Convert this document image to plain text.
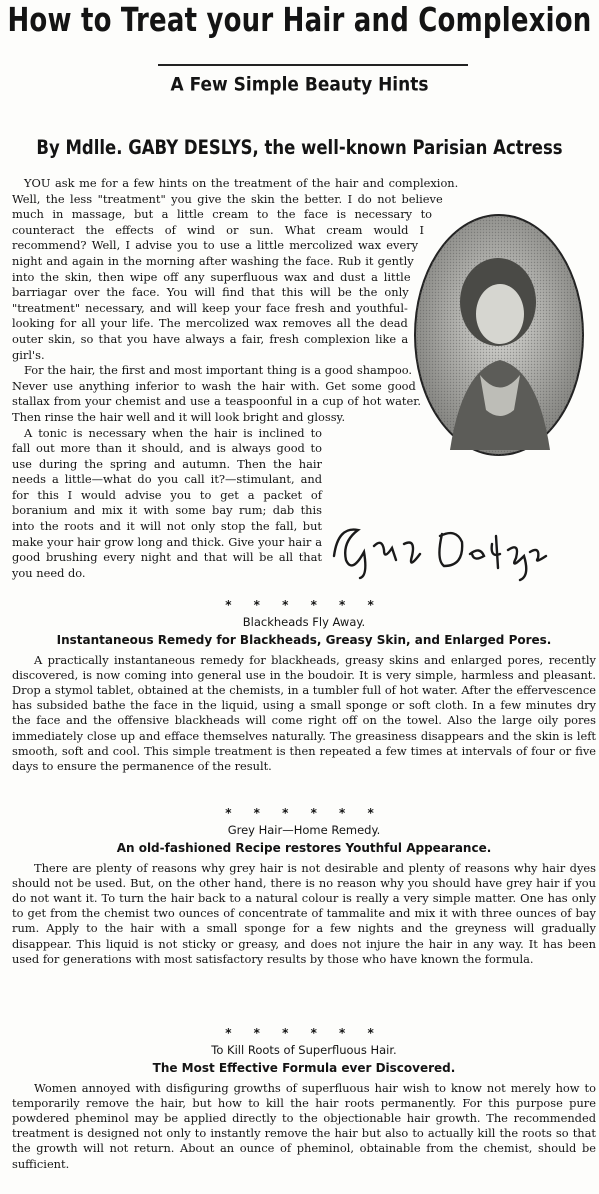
How to Treat your Hair and Complexion
A Few Simple Beauty Hints
By Mdlle. GABY DESLYS, the well-known Parisian Actress

YOU ask me for a few hints on the treatment of the hair and complexion. Well, the less "treatment" you give the skin the better. I do not believe much in massage, but a little cream to the face is necessary to counteract the effects of wind or sun. What cream would I recommend? Well, I advise you to use a little mercolized wax every night and again in the morning after washing the face. Rub it gently into the skin, then wipe off any superfluous wax and dust a little barriagar over the face. You will find that this will be the only "treatment" necessary, and will keep your face fresh and youthful-looking for all your life. The mercolized wax removes all the dead outer skin, so that you have always a fair, fresh complexion like a girl's.

For the hair, the first and most important thing is a good shampoo. Never use anything inferior to wash the hair with. Get some good stallax from your chemist and use a teaspoonful in a cup of hot water. Then rinse the hair well and it will look bright and glossy.

A tonic is necessary when the hair is inclined to fall out more than it should, and is always good to use during the spring and autumn. Then the hair needs a little—what do you call it?—stimulant, and for this I would advise you to get a packet of boranium and mix it with some bay rum; dab this into the roots and it will not only stop the fall, but make your hair grow long and thick. Give your hair a good brushing every night and that will be all that you need do.

* * * * * *
Blackheads Fly Away.
Instantaneous Remedy for Blackheads, Greasy Skin, and Enlarged Pores.

A practically instantaneous remedy for blackheads, greasy skins and enlarged pores, recently discovered, is now coming into general use in the boudoir. It is very simple, harmless and pleasant. Drop a stymol tablet, obtained at the chemists, in a tumbler full of hot water. After the effervescence has subsided bathe the face in the liquid, using a small sponge or soft cloth. In a few minutes dry the face and the offensive blackheads will come right off on the towel. Also the large oily pores immediately close up and efface themselves naturally. The greasiness disappears and the skin is left smooth, soft and cool. This simple treatment is then repeated a few times at intervals of four or five days to ensure the permanence of the result.

* * * * * *
Grey Hair—Home Remedy.
An old-fashioned Recipe restores Youthful Appearance.

There are plenty of reasons why grey hair is not desirable and plenty of reasons why hair dyes should not be used. But, on the other hand, there is no reason why you should have grey hair if you do not want it. To turn the hair back to a natural colour is really a very simple matter. One has only to get from the chemist two ounces of concentrate of tammalite and mix it with three ounces of bay rum. Apply to the hair with a small sponge for a few nights and the greyness will gradually disappear. This liquid is not sticky or greasy, and does not injure the hair in any way. It has been used for generations with most satisfactory results by those who have known the formula.

* * * * * *
To Kill Roots of Superfluous Hair.
The Most Effective Formula ever Discovered.

Women annoyed with disfiguring growths of superfluous hair wish to know not merely how to temporarily remove the hair, but how to kill the hair roots permanently. For this purpose pure powdered pheminol may be applied directly to the objectionable hair growth. The recommended treatment is designed not only to instantly remove the hair but also to actually kill the roots so that the growth will not return. About an ounce of pheminol, obtainable from the chemist, should be sufficient.
